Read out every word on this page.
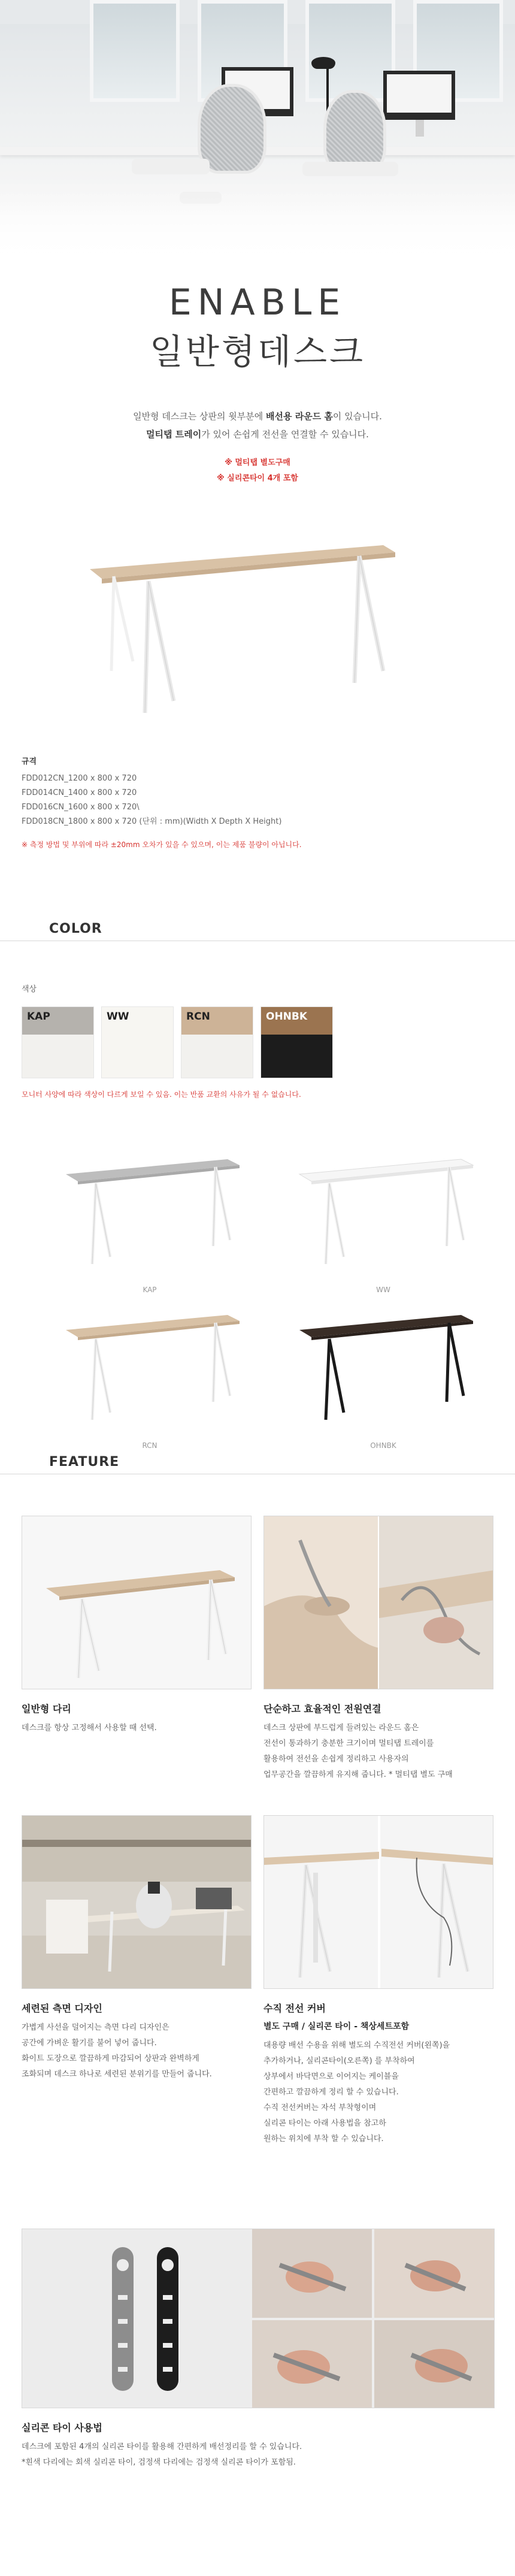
ENABLE
일반형데스크
일반형 데스크는 상판의 윗부분에 배선용 라운드 홈이 있습니다.
멀티탭 트레이가 있어 손쉽게 전선을 연결할 수 있습니다.
※ 멀티탭 별도구매
※ 실리콘타이 4개 포함
규격
FDD012CN_1200 x 800 x 720
FDD014CN_1400 x 800 x 720
FDD016CN_1600 x 800 x 720\
FDD018CN_1800 x 800 x 720 (단위 : mm)(Width X Depth X Height)
※ 측정 방법 및 부위에 따라 ±20mm 오차가 있을 수 있으며, 이는 제품 불량이 아닙니다.
COLOR
색상
KAP	WW	RCN	OHNBK
모니터 사양에 따라 색상이 다르게 보일 수 있음. 이는 반품 교환의 사유가 될 수 없습니다.
KAP	WW
RCN	OHNBK
FEATURE
일반형 다리
데스크를 항상 고정해서 사용할 때 선택.
단순하고 효율적인 전원연결
데스크 상판에 부드럽게 들려있는 라운드 홈은
전선이 통과하기 충분한 크기이며 멀티탭 트레이를
활용하여 전선을 손쉽게 정리하고 사용자의
업무공간을 깔끔하게 유지해 줍니다. * 멀티탭 별도 구매
세련된 측면 디자인
가볍게 사선을 덜어지는 측면 다리 디자인은
공간에 가벼운 활기를 불어 넣어 줍니다.
화이트 도장으로 깔끔하게 마감되어 상판과 완벽하게
조화되며 데스크 하나로 세련된 분위기를 만들어 줍니다.
수직 전선 커버
별도 구매 / 실리콘 타이 - 책상세트포함
대용량 배선 수용을 위해 별도의 수직전선 커버(왼쪽)을
추가하거나, 실리콘타이(오른쪽) 를 부착하여
상부에서 바닥면으로 이어지는 케이블을
간편하고 깔끔하게 정리 할 수 있습니다.
수직 전선커버는 자석 부착형이며
실리콘 타이는 아래 사용법을 참고하
원하는 위치에 부착 할 수 있습니다.
실리콘 타이 사용법
데스크에 포함된 4개의 실리콘 타이를 활용해 간편하게 배선정리를 할 수 있습니다.
*흰색 다리에는 회색 실리콘 타이, 검정색 다리에는 검정색 실리콘 타이가 포함됨.
